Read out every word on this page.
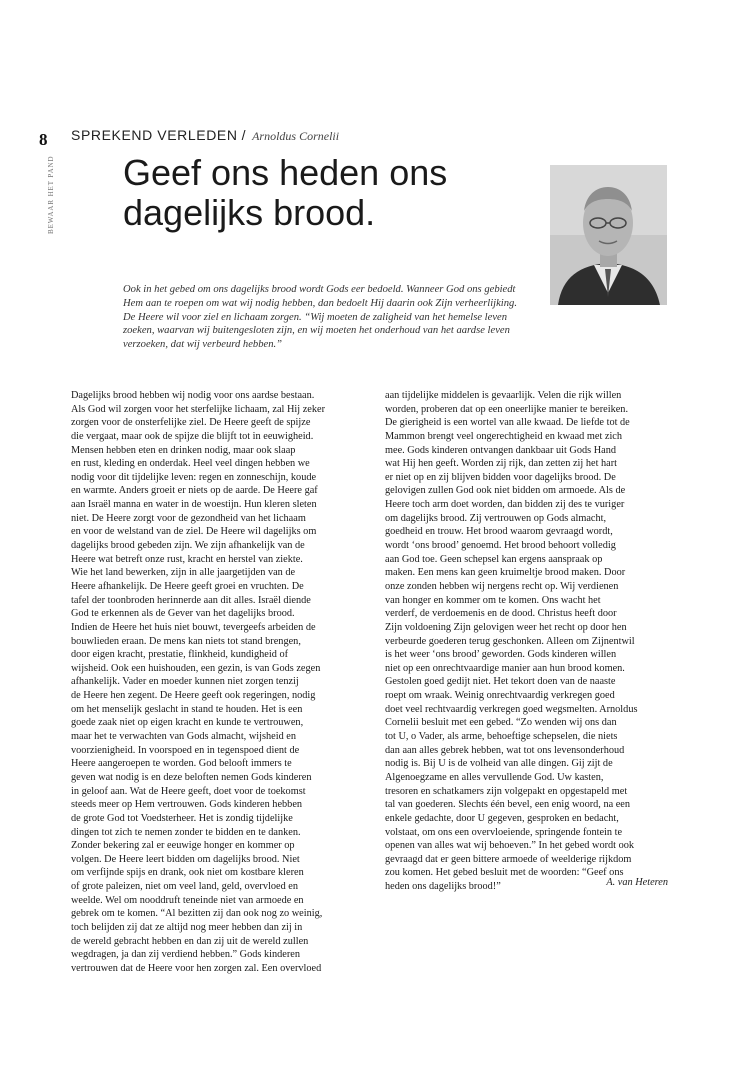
8
BEWAAR HET PAND
SPREKEND VERLEDEN / Arnoldus Cornelii
Geef ons heden ons dagelijks brood.

Ook in het gebed om ons dagelijks brood wordt Gods eer bedoeld. Wanneer God ons gebiedt Hem aan te roepen om wat wij nodig hebben, dan bedoelt Hij daarin ook Zijn verheerlijking. De Heere wil voor ziel en lichaam zorgen. “Wij moeten de zaligheid van het hemelse leven zoeken, waarvan wij buitengesloten zijn, en wij moeten het onderhoud van het aardse leven verzoeken, dat wij verbeurd hebben.”

Dagelijks brood hebben wij nodig voor ons aardse bestaan.
Als God wil zorgen voor het sterfelijke lichaam, zal Hij zeker
zorgen voor de onsterfelijke ziel. De Heere geeft de spijze
die vergaat, maar ook de spijze die blijft tot in eeuwigheid.
Mensen hebben eten en drinken nodig, maar ook slaap
en rust, kleding en onderdak. Heel veel dingen hebben we
nodig voor dit tijdelijke leven: regen en zonneschijn, koude
en warmte. Anders groeit er niets op de aarde. De Heere gaf
aan Israël manna en water in de woestijn. Hun kleren sleten
niet. De Heere zorgt voor de gezondheid van het lichaam
en voor de welstand van de ziel. De Heere wil dagelijks om
dagelijks brood gebeden zijn. We zijn afhankelijk van de
Heere wat betreft onze rust, kracht en herstel van ziekte.
Wie het land bewerken, zijn in alle jaargetijden van de
Heere afhankelijk. De Heere geeft groei en vruchten. De
tafel der toonbroden herinnerde aan dit alles. Israël diende
God te erkennen als de Gever van het dagelijks brood.
Indien de Heere het huis niet bouwt, tevergeefs arbeiden de
bouwlieden eraan. De mens kan niets tot stand brengen,
door eigen kracht, prestatie, flinkheid, kundigheid of
wijsheid. Ook een huishouden, een gezin, is van Gods zegen
afhankelijk. Vader en moeder kunnen niet zorgen tenzij
de Heere hen zegent. De Heere geeft ook regeringen, nodig
om het menselijk geslacht in stand te houden. Het is een
goede zaak niet op eigen kracht en kunde te vertrouwen,
maar het te verwachten van Gods almacht, wijsheid en
voorzienigheid. In voorspoed en in tegenspoed dient de
Heere aangeroepen te worden. God belooft immers te
geven wat nodig is en deze beloften nemen Gods kinderen
in geloof aan. Wat de Heere geeft, doet voor de toekomst
steeds meer op Hem vertrouwen. Gods kinderen hebben
de grote God tot Voedsterheer. Het is zondig tijdelijke
dingen tot zich te nemen zonder te bidden en te danken.
Zonder bekering zal er eeuwige honger en kommer op
volgen. De Heere leert bidden om dagelijks brood. Niet
om verfijnde spijs en drank, ook niet om kostbare kleren
of grote paleizen, niet om veel land, geld, overvloed en
weelde. Wel om nooddruft teneinde niet van armoede en
gebrek om te komen. “Al bezitten zij dan ook nog zo weinig,
toch belijden zij dat ze altijd nog meer hebben dan zij in
de wereld gebracht hebben en dan zij uit de wereld zullen
wegdragen, ja dan zij verdiend hebben.” Gods kinderen
vertrouwen dat de Heere voor hen zorgen zal. Een overvloed
aan tijdelijke middelen is gevaarlijk. Velen die rijk willen
worden, proberen dat op een oneerlijke manier te bereiken.
De gierigheid is een wortel van alle kwaad. De liefde tot de
Mammon brengt veel ongerechtigheid en kwaad met zich
mee. Gods kinderen ontvangen dankbaar uit Gods Hand
wat Hij hen geeft. Worden zij rijk, dan zetten zij het hart
er niet op en zij blijven bidden voor dagelijks brood. De
gelovigen zullen God ook niet bidden om armoede. Als de
Heere toch arm doet worden, dan bidden zij des te vuriger
om dagelijks brood. Zij vertrouwen op Gods almacht,
goedheid en trouw. Het brood waarom gevraagd wordt,
wordt ‘ons brood’ genoemd. Het brood behoort volledig
aan God toe. Geen schepsel kan ergens aanspraak op
maken. Een mens kan geen kruimeltje brood maken. Door
onze zonden hebben wij nergens recht op. Wij verdienen
van honger en kommer om te komen. Ons wacht het
verderf, de verdoemenis en de dood. Christus heeft door
Zijn voldoening Zijn gelovigen weer het recht op door hen
verbeurde goederen terug geschonken. Alleen om Zijnentwil
is het weer ‘ons brood’ geworden. Gods kinderen willen
niet op een onrechtvaardige manier aan hun brood komen.
Gestolen goed gedijt niet. Het tekort doen van de naaste
roept om wraak. Weinig onrechtvaardig verkregen goed
doet veel rechtvaardig verkregen goed wegsmelten. Arnoldus
Cornelii besluit met een gebed. “Zo wenden wij ons dan
tot U, o Vader, als arme, behoeftige schepselen, die niets
dan aan alles gebrek hebben, wat tot ons levensonderhoud
nodig is. Bij U is de volheid van alle dingen. Gij zijt de
Algenoegzame en alles vervullende God. Uw kasten,
tresoren en schatkamers zijn volgepakt en opgestapeld met
tal van goederen. Slechts één bevel, een enig woord, na een
enkele gedachte, door U gegeven, gesproken en bedacht,
volstaat, om ons een overvloeiende, springende fontein te
openen van alles wat wij behoeven.” In het gebed wordt ook
gevraagd dat er geen bittere armoede of weelderige rijkdom
zou komen. Het gebed besluit met de woorden: “Geef ons
heden ons dagelijks brood!”	A. van Heteren
